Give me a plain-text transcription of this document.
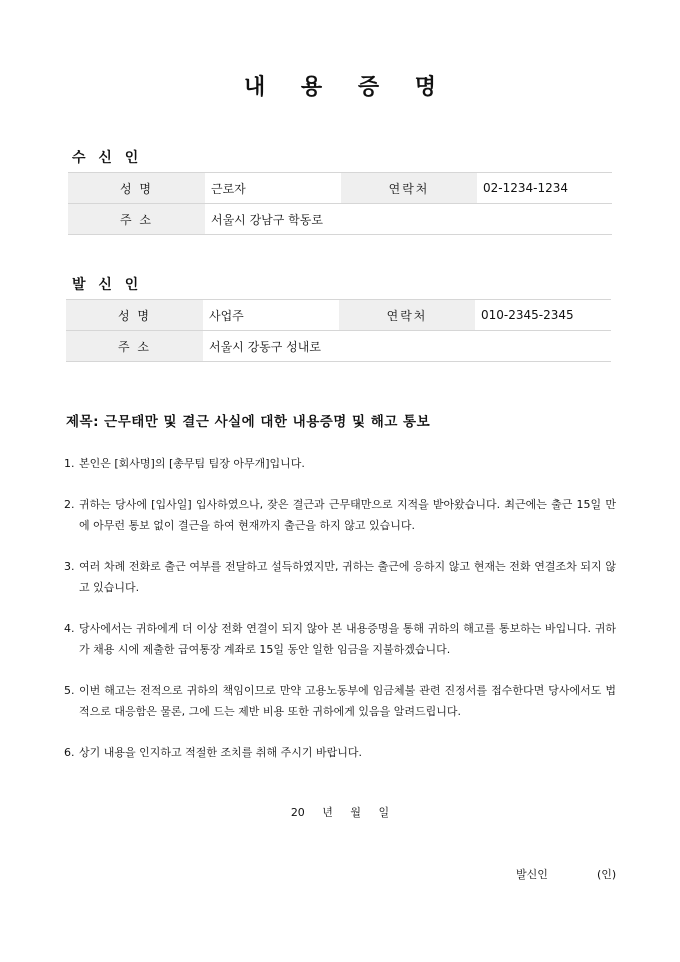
내 용 증 명
수 신 인
성 명	근로자	연락처	02-1234-1234
주 소	서울시 강남구 학동로		
발 신 인
성 명	사업주	연락처	010-2345-2345
주 소	서울시 강동구 성내로		
제목: 근무태만 및 결근 사실에 대한 내용증명 및 해고 통보
1. 본인은 [회사명]의 [총무팀 팀장 아무개]입니다.
2. 귀하는 당사에 [입사일] 입사하였으나, 잦은 결근과 근무태만으로 지적을 받아왔습니다. 최근에는 출근 15일 만에 아무런 통보 없이 결근을 하여 현재까지 출근을 하지 않고 있습니다.
3. 여러 차례 전화로 출근 여부를 전달하고 설득하였지만, 귀하는 출근에 응하지 않고 현재는 전화 연결조차 되지 않고 있습니다.
4. 당사에서는 귀하에게 더 이상 전화 연결이 되지 않아 본 내용증명을 통해 귀하의 해고를 통보하는 바입니다. 귀하가 채용 시에 제출한 급여통장 계좌로 15일 동안 일한 임금을 지불하겠습니다.
5. 이번 해고는 전적으로 귀하의 책임이므로 만약 고용노동부에 임금체불 관련 진정서를 접수한다면 당사에서도 법적으로 대응함은 물론, 그에 드는 제반 비용 또한 귀하에게 있음을 알려드립니다.
6. 상기 내용을 인지하고 적절한 조치를 취해 주시기 바랍니다.
20 년 월 일
발신인	(인)
